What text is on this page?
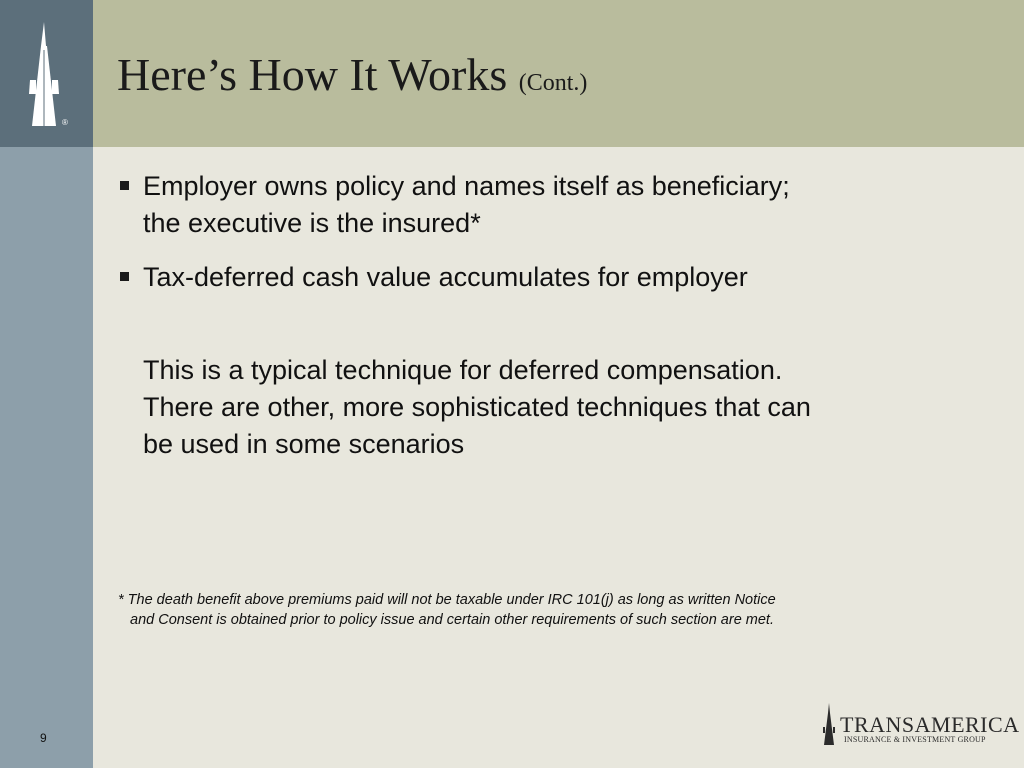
®
Here’s How It Works (Cont.)
Employer owns policy and names itself as beneficiary;
the executive is the insured*
Tax-deferred cash value accumulates for employer
This is a typical technique for deferred compensation.
There are other, more sophisticated techniques that can
be used in some scenarios
* The death benefit above premiums paid will not be taxable under IRC 101(j) as long as written Notice
and Consent is obtained prior to policy issue and certain other requirements of such section are met.
9
TRANSAMERICA
INSURANCE & INVESTMENT GROUP
